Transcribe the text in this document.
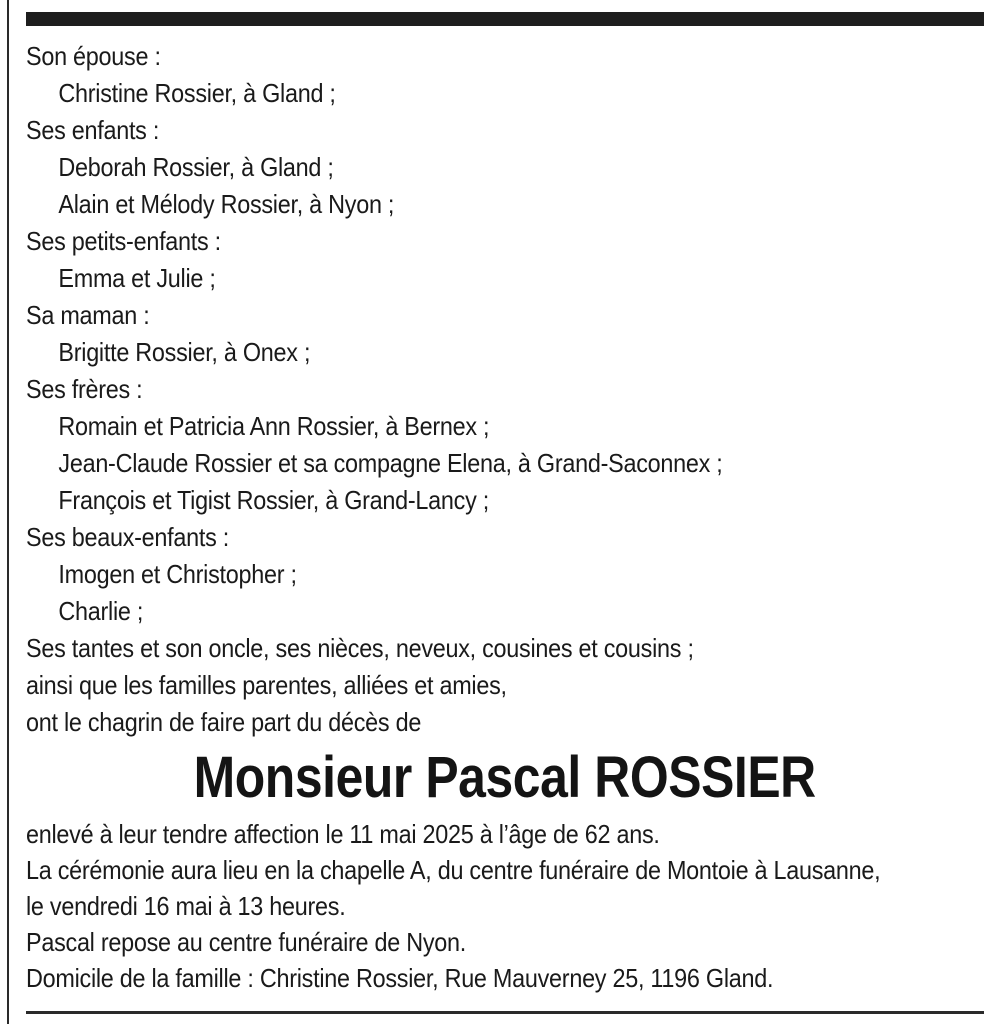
Son épouse :
Christine Rossier, à Gland ;
Ses enfants :
Deborah Rossier, à Gland ;
Alain et Mélody Rossier, à Nyon ;
Ses petits-enfants :
Emma et Julie ;
Sa maman :
Brigitte Rossier, à Onex ;
Ses frères :
Romain et Patricia Ann Rossier, à Bernex ;
Jean-Claude Rossier et sa compagne Elena, à Grand-Saconnex ;
François et Tigist Rossier, à Grand-Lancy ;
Ses beaux-enfants :
Imogen et Christopher ;
Charlie ;
Ses tantes et son oncle, ses nièces, neveux, cousines et cousins ;
ainsi que les familles parentes, alliées et amies,
ont le chagrin de faire part du décès de
Monsieur Pascal ROSSIER
enlevé à leur tendre affection le 11 mai 2025 à l’âge de 62 ans.
La cérémonie aura lieu en la chapelle A, du centre funéraire de Montoie à Lausanne,
le vendredi 16 mai à 13 heures.
Pascal repose au centre funéraire de Nyon.
Domicile de la famille : Christine Rossier, Rue Mauverney 25, 1196 Gland.
